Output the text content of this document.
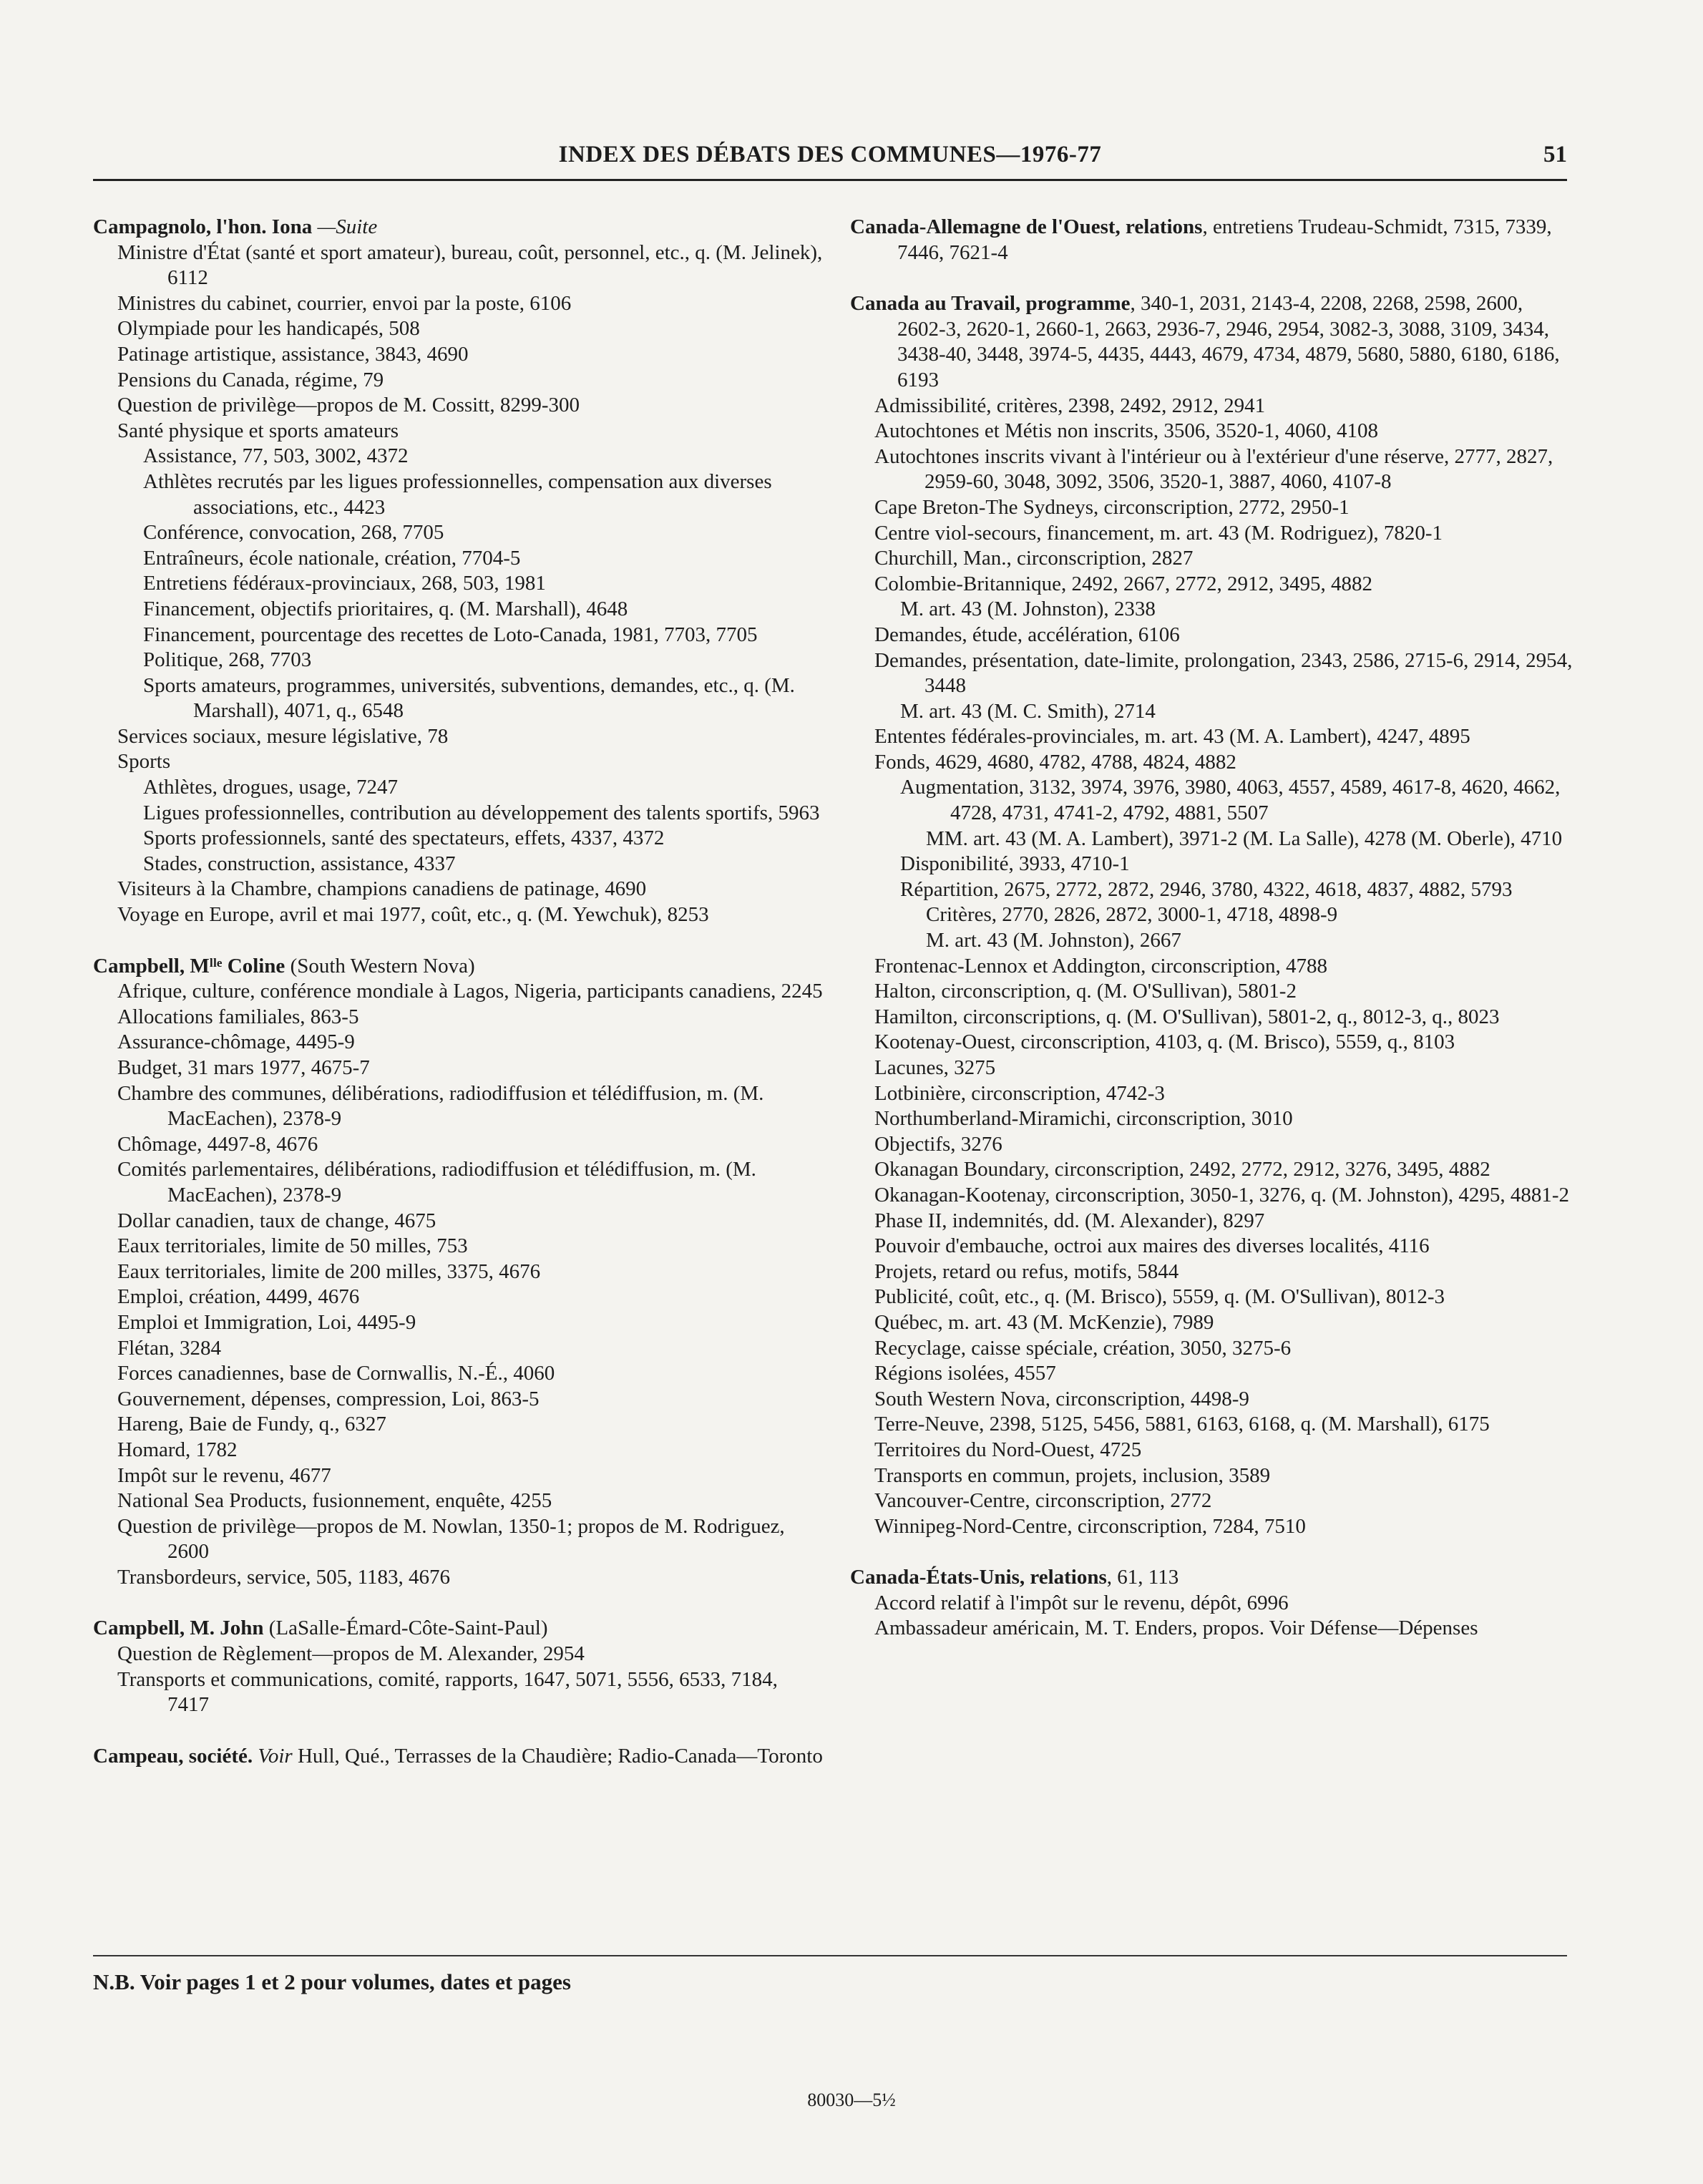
INDEX DES DÉBATS DES COMMUNES—1976-77	51
Campagnolo, l'hon. Iona —Suite
Ministre d'État (santé et sport amateur), bureau, coût, personnel, etc., q. (M. Jelinek), 6112
Ministres du cabinet, courrier, envoi par la poste, 6106
Olympiade pour les handicapés, 508
Patinage artistique, assistance, 3843, 4690
Pensions du Canada, régime, 79
Question de privilège—propos de M. Cossitt, 8299-300
Santé physique et sports amateurs
Assistance, 77, 503, 3002, 4372
Athlètes recrutés par les ligues professionnelles, compensation aux diverses associations, etc., 4423
Conférence, convocation, 268, 7705
Entraîneurs, école nationale, création, 7704-5
Entretiens fédéraux-provinciaux, 268, 503, 1981
Financement, objectifs prioritaires, q. (M. Marshall), 4648
Financement, pourcentage des recettes de Loto-Canada, 1981, 7703, 7705
Politique, 268, 7703
Sports amateurs, programmes, universités, subventions, demandes, etc., q. (M. Marshall), 4071, q., 6548
Services sociaux, mesure législative, 78
Sports
Athlètes, drogues, usage, 7247
Ligues professionnelles, contribution au développement des talents sportifs, 5963
Sports professionnels, santé des spectateurs, effets, 4337, 4372
Stades, construction, assistance, 4337
Visiteurs à la Chambre, champions canadiens de patinage, 4690
Voyage en Europe, avril et mai 1977, coût, etc., q. (M. Yewchuk), 8253
Campbell, Mˡˡᵉ Coline (South Western Nova)
Afrique, culture, conférence mondiale à Lagos, Nigeria, participants canadiens, 2245
Allocations familiales, 863-5
Assurance-chômage, 4495-9
Budget, 31 mars 1977, 4675-7
Chambre des communes, délibérations, radiodiffusion et télédiffusion, m. (M. MacEachen), 2378-9
Chômage, 4497-8, 4676
Comités parlementaires, délibérations, radiodiffusion et télédiffusion, m. (M. MacEachen), 2378-9
Dollar canadien, taux de change, 4675
Eaux territoriales, limite de 50 milles, 753
Eaux territoriales, limite de 200 milles, 3375, 4676
Emploi, création, 4499, 4676
Emploi et Immigration, Loi, 4495-9
Flétan, 3284
Forces canadiennes, base de Cornwallis, N.-É., 4060
Gouvernement, dépenses, compression, Loi, 863-5
Hareng, Baie de Fundy, q., 6327
Homard, 1782
Impôt sur le revenu, 4677
National Sea Products, fusionnement, enquête, 4255
Question de privilège—propos de M. Nowlan, 1350-1; propos de M. Rodriguez, 2600
Transbordeurs, service, 505, 1183, 4676
Campbell, M. John (LaSalle-Émard-Côte-Saint-Paul)
Question de Règlement—propos de M. Alexander, 2954
Transports et communications, comité, rapports, 1647, 5071, 5556, 6533, 7184, 7417
Campeau, société. Voir Hull, Qué., Terrasses de la Chaudière; Radio-Canada—Toronto
Canada-Allemagne de l'Ouest, relations, entretiens Trudeau-Schmidt, 7315, 7339, 7446, 7621-4
Canada au Travail, programme, 340-1, 2031, 2143-4, 2208, 2268, 2598, 2600, 2602-3, 2620-1, 2660-1, 2663, 2936-7, 2946, 2954, 3082-3, 3088, 3109, 3434, 3438-40, 3448, 3974-5, 4435, 4443, 4679, 4734, 4879, 5680, 5880, 6180, 6186, 6193
Admissibilité, critères, 2398, 2492, 2912, 2941
Autochtones et Métis non inscrits, 3506, 3520-1, 4060, 4108
Autochtones inscrits vivant à l'intérieur ou à l'extérieur d'une réserve, 2777, 2827, 2959-60, 3048, 3092, 3506, 3520-1, 3887, 4060, 4107-8
Cape Breton-The Sydneys, circonscription, 2772, 2950-1
Centre viol-secours, financement, m. art. 43 (M. Rodriguez), 7820-1
Churchill, Man., circonscription, 2827
Colombie-Britannique, 2492, 2667, 2772, 2912, 3495, 4882
M. art. 43 (M. Johnston), 2338
Demandes, étude, accélération, 6106
Demandes, présentation, date-limite, prolongation, 2343, 2586, 2715-6, 2914, 2954, 3448
M. art. 43 (M. C. Smith), 2714
Ententes fédérales-provinciales, m. art. 43 (M. A. Lambert), 4247, 4895
Fonds, 4629, 4680, 4782, 4788, 4824, 4882
Augmentation, 3132, 3974, 3976, 3980, 4063, 4557, 4589, 4617-8, 4620, 4662, 4728, 4731, 4741-2, 4792, 4881, 5507
MM. art. 43 (M. A. Lambert), 3971-2 (M. La Salle), 4278 (M. Oberle), 4710
Disponibilité, 3933, 4710-1
Répartition, 2675, 2772, 2872, 2946, 3780, 4322, 4618, 4837, 4882, 5793
Critères, 2770, 2826, 2872, 3000-1, 4718, 4898-9
M. art. 43 (M. Johnston), 2667
Frontenac-Lennox et Addington, circonscription, 4788
Halton, circonscription, q. (M. O'Sullivan), 5801-2
Hamilton, circonscriptions, q. (M. O'Sullivan), 5801-2, q., 8012-3, q., 8023
Kootenay-Ouest, circonscription, 4103, q. (M. Brisco), 5559, q., 8103
Lacunes, 3275
Lotbinière, circonscription, 4742-3
Northumberland-Miramichi, circonscription, 3010
Objectifs, 3276
Okanagan Boundary, circonscription, 2492, 2772, 2912, 3276, 3495, 4882
Okanagan-Kootenay, circonscription, 3050-1, 3276, q. (M. Johnston), 4295, 4881-2
Phase II, indemnités, dd. (M. Alexander), 8297
Pouvoir d'embauche, octroi aux maires des diverses localités, 4116
Projets, retard ou refus, motifs, 5844
Publicité, coût, etc., q. (M. Brisco), 5559, q. (M. O'Sullivan), 8012-3
Québec, m. art. 43 (M. McKenzie), 7989
Recyclage, caisse spéciale, création, 3050, 3275-6
Régions isolées, 4557
South Western Nova, circonscription, 4498-9
Terre-Neuve, 2398, 5125, 5456, 5881, 6163, 6168, q. (M. Marshall), 6175
Territoires du Nord-Ouest, 4725
Transports en commun, projets, inclusion, 3589
Vancouver-Centre, circonscription, 2772
Winnipeg-Nord-Centre, circonscription, 7284, 7510
Canada-États-Unis, relations, 61, 113
Accord relatif à l'impôt sur le revenu, dépôt, 6996
Ambassadeur américain, M. T. Enders, propos. Voir Défense—Dépenses
N.B. Voir pages 1 et 2 pour volumes, dates et pages
80030—5½
